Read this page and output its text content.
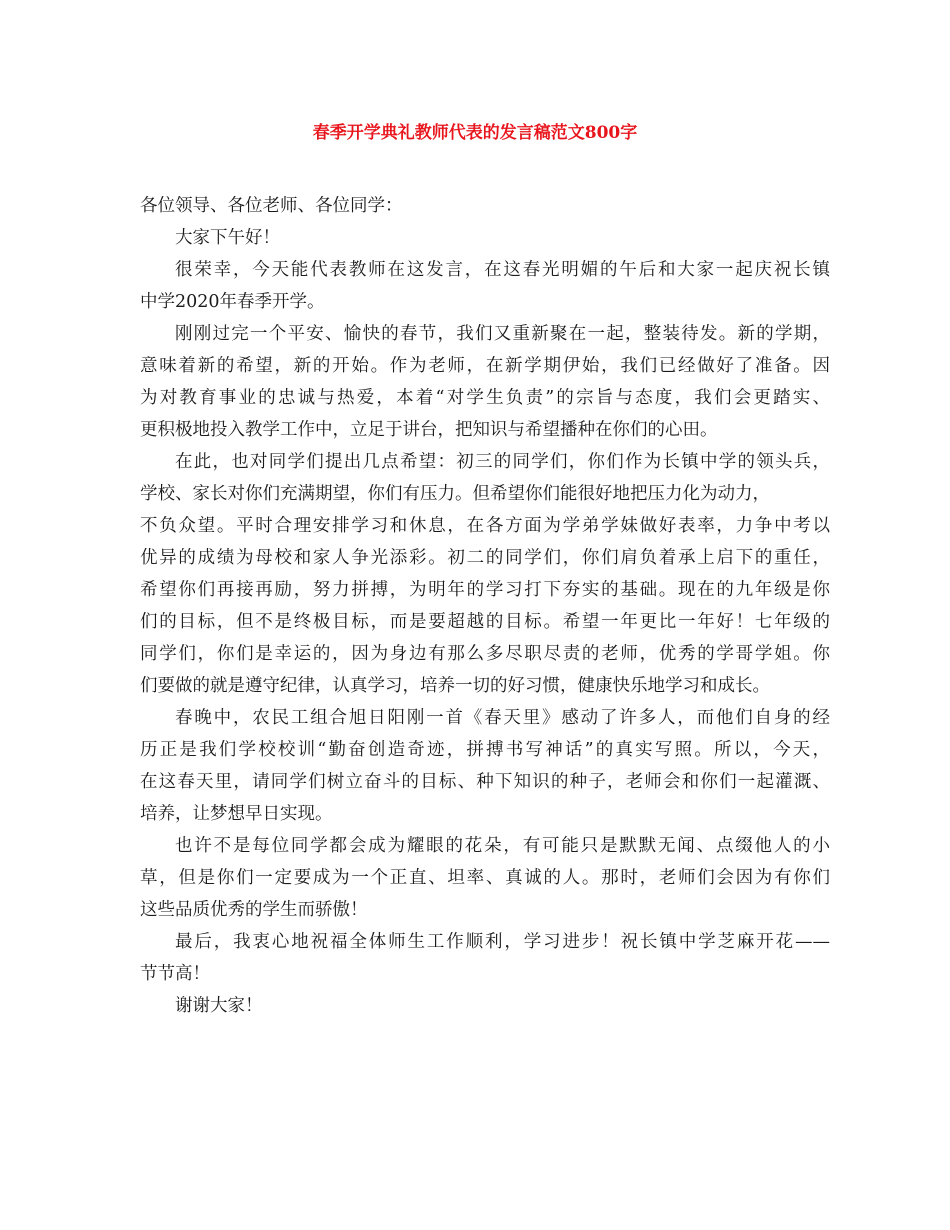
春季开学典礼教师代表的发言稿范文800字
各位领导、各位老师、各位同学：
大家下午好！
很荣幸，今天能代表教师在这发言，在这春光明媚的午后和大家一起庆祝长镇
中学2020年春季开学。
刚刚过完一个平安、愉快的春节，我们又重新聚在一起，整装待发。新的学期，
意味着新的希望，新的开始。作为老师，在新学期伊始，我们已经做好了准备。因
为对教育事业的忠诚与热爱，本着“对学生负责”的宗旨与态度，我们会更踏实、
更积极地投入教学工作中，立足于讲台，把知识与希望播种在你们的心田。
在此，也对同学们提出几点希望：初三的同学们，你们作为长镇中学的领头兵，
学校、家长对你们充满期望，你们有压力。但希望你们能很好地把压力化为动力，
不负众望。平时合理安排学习和休息，在各方面为学弟学妹做好表率，力争中考以
优异的成绩为母校和家人争光添彩。初二的同学们，你们肩负着承上启下的重任，
希望你们再接再励，努力拼搏，为明年的学习打下夯实的基础。现在的九年级是你
们的目标，但不是终极目标，而是要超越的目标。希望一年更比一年好！七年级的
同学们，你们是幸运的，因为身边有那么多尽职尽责的老师，优秀的学哥学姐。你
们要做的就是遵守纪律，认真学习，培养一切的好习惯，健康快乐地学习和成长。
春晚中，农民工组合旭日阳刚一首《春天里》感动了许多人，而他们自身的经
历正是我们学校校训“勤奋创造奇迹，拼搏书写神话”的真实写照。所以，今天，
在这春天里，请同学们树立奋斗的目标、种下知识的种子，老师会和你们一起灌溉、
培养，让梦想早日实现。
也许不是每位同学都会成为耀眼的花朵，有可能只是默默无闻、点缀他人的小
草，但是你们一定要成为一个正直、坦率、真诚的人。那时，老师们会因为有你们
这些品质优秀的学生而骄傲！
最后，我衷心地祝福全体师生工作顺利，学习进步！祝长镇中学芝麻开花——
节节高！
谢谢大家！
